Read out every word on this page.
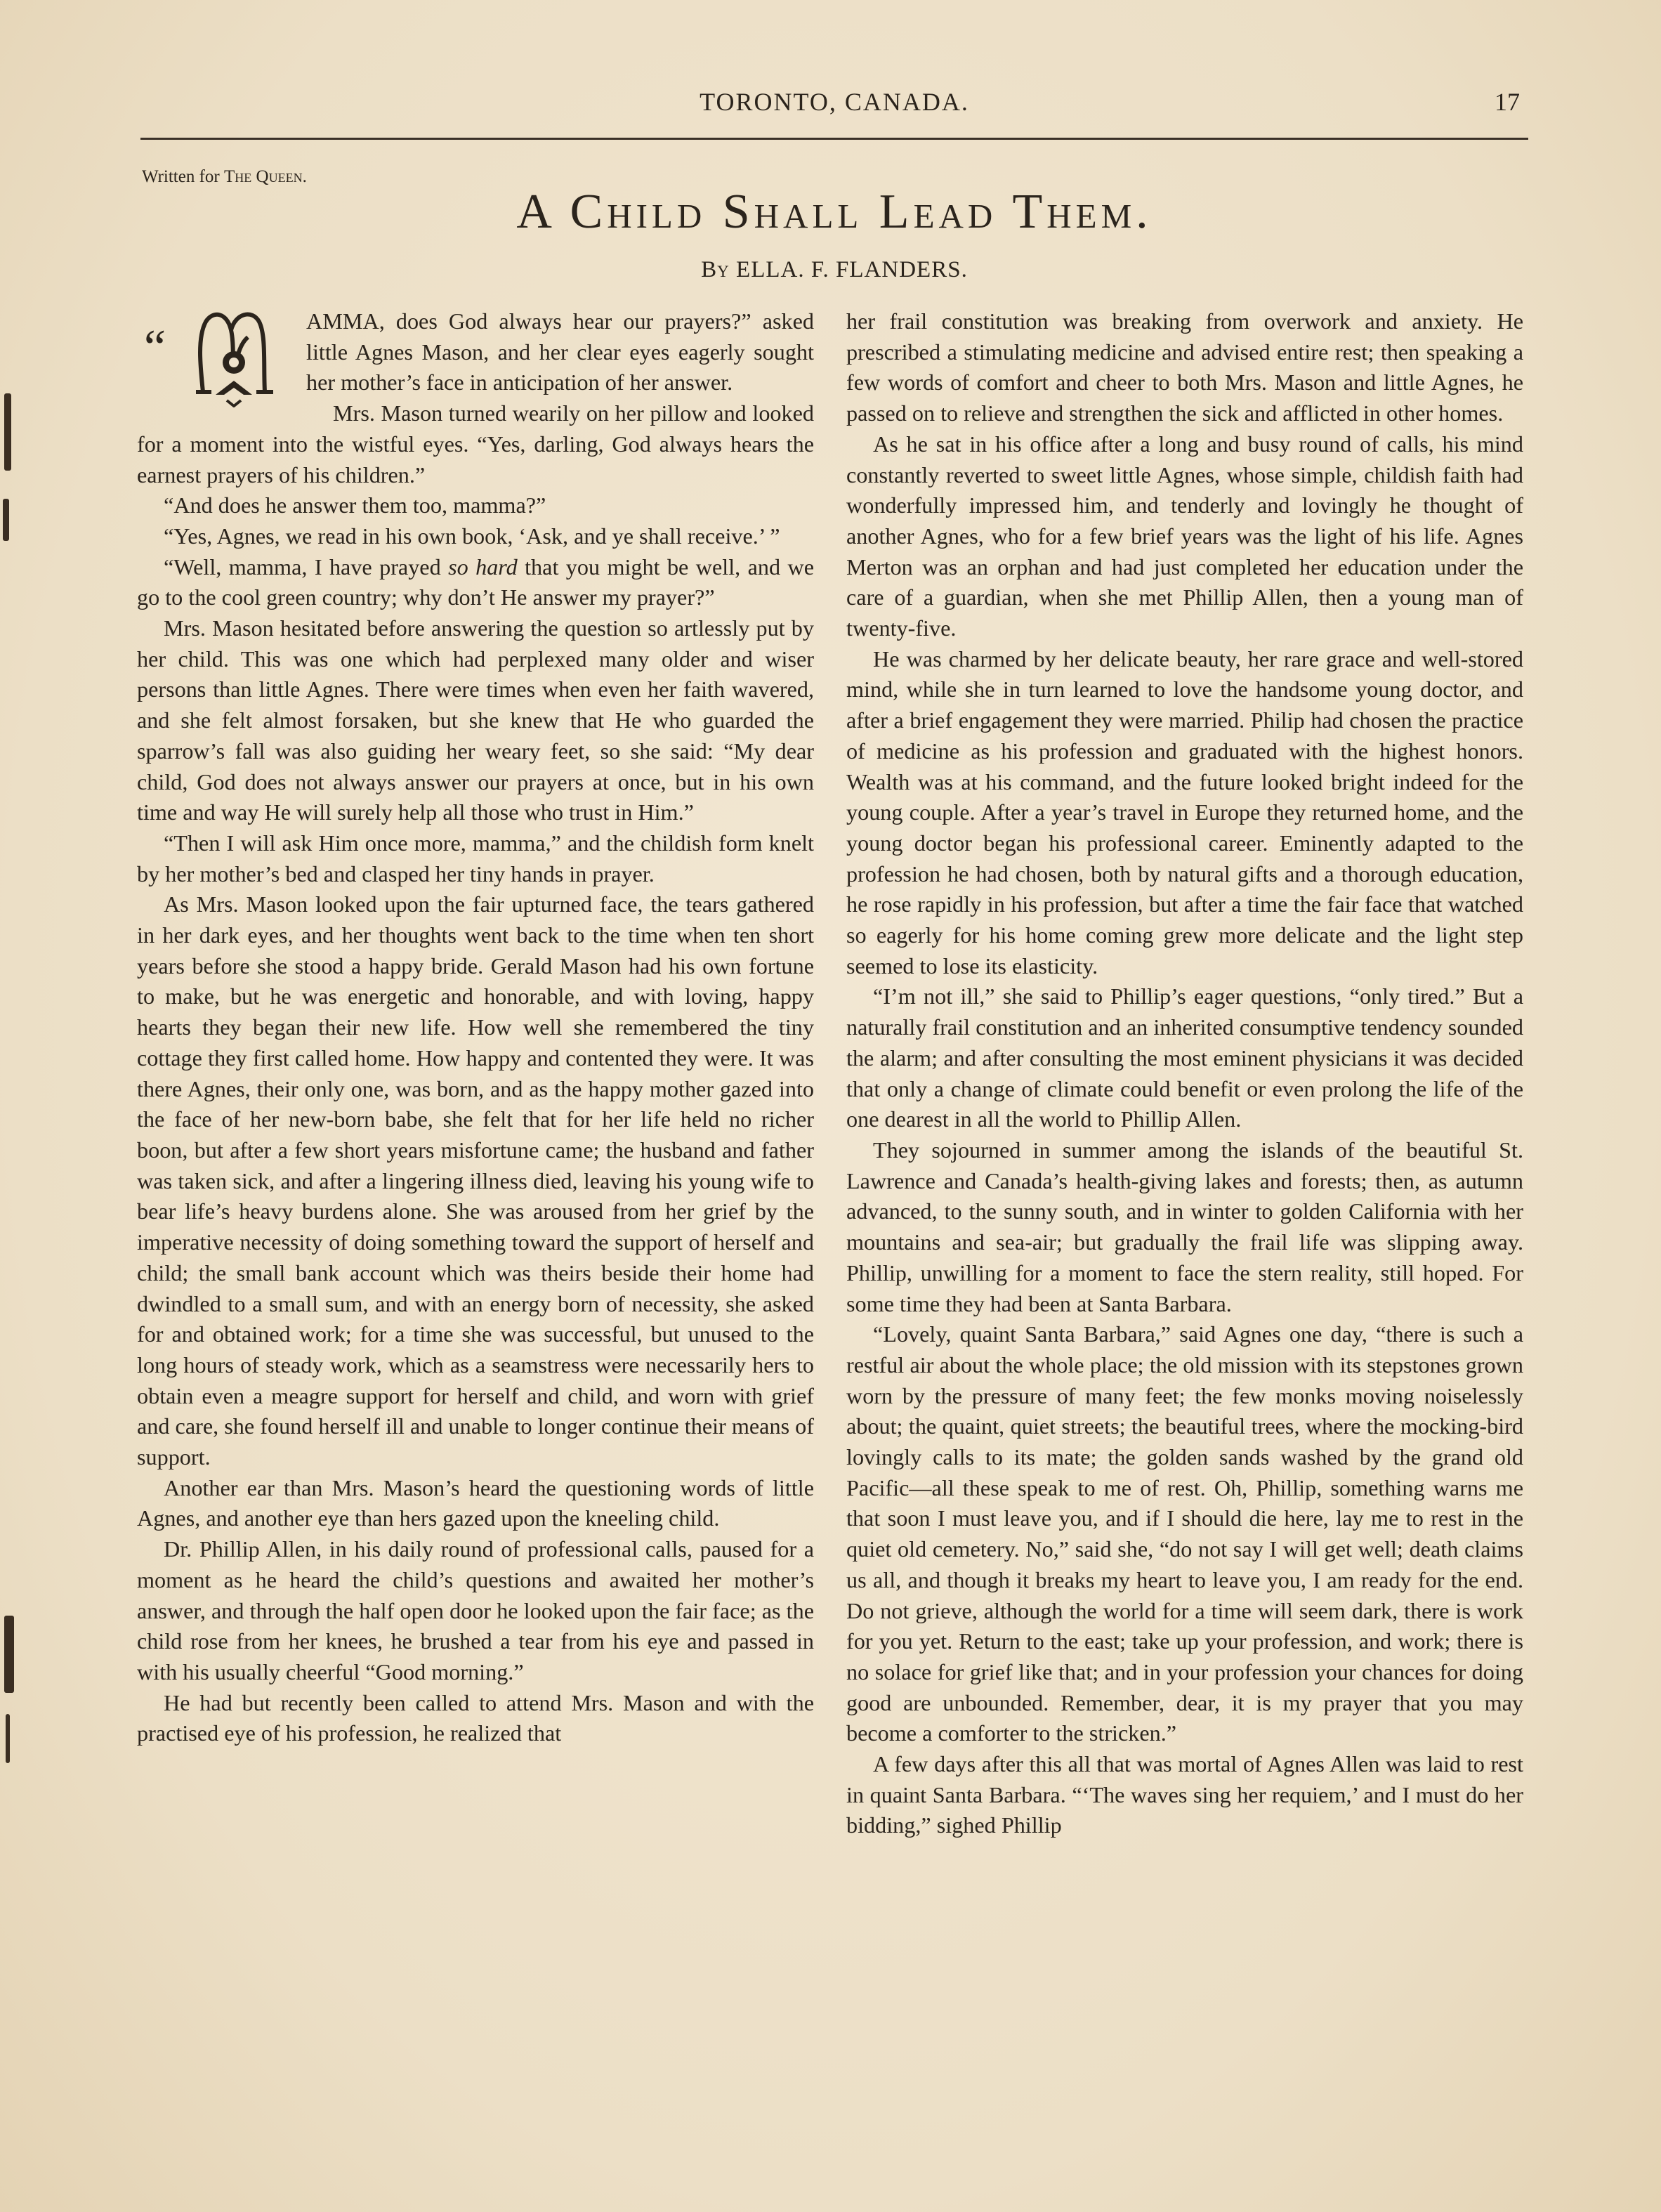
TORONTO, CANADA.	17
Written for The Queen.
A Child Shall Lead Them.
By ELLA. F. FLANDERS.

“	AMMA, does God always hear our prayers?” asked little Agnes Mason, and her clear eyes eagerly sought her mother’s face in anticipation of her answer.

Mrs. Mason turned wearily on her pillow and looked for a moment into the wistful eyes. “Yes, darling, God always hears the earnest prayers of his children.”

“And does he answer them too, mamma?”

“Yes, Agnes, we read in his own book, ‘Ask, and ye shall receive.’ ”

“Well, mamma, I have prayed so hard that you might be well, and we go to the cool green country; why don’t He answer my prayer?”

Mrs. Mason hesitated before answering the question so artlessly put by her child. This was one which had perplexed many older and wiser persons than little Agnes. There were times when even her faith wavered, and she felt almost forsaken, but she knew that He who guarded the sparrow’s fall was also guiding her weary feet, so she said: “My dear child, God does not always answer our prayers at once, but in his own time and way He will surely help all those who trust in Him.”

“Then I will ask Him once more, mamma,” and the childish form knelt by her mother’s bed and clasped her tiny hands in prayer.

As Mrs. Mason looked upon the fair upturned face, the tears gathered in her dark eyes, and her thoughts went back to the time when ten short years before she stood a happy bride. Gerald Mason had his own fortune to make, but he was energetic and honorable, and with loving, happy hearts they began their new life. How well she remembered the tiny cottage they first called home. How happy and contented they were. It was there Agnes, their only one, was born, and as the happy mother gazed into the face of her new-born babe, she felt that for her life held no richer boon, but after a few short years misfortune came; the husband and father was taken sick, and after a lingering illness died, leaving his young wife to bear life’s heavy burdens alone. She was aroused from her grief by the imperative necessity of doing something toward the support of herself and child; the small bank account which was theirs beside their home had dwindled to a small sum, and with an energy born of necessity, she asked for and obtained work; for a time she was successful, but unused to the long hours of steady work, which as a seamstress were necessarily hers to obtain even a meagre support for herself and child, and worn with grief and care, she found herself ill and unable to longer continue their means of support.

Another ear than Mrs. Mason’s heard the questioning words of little Agnes, and another eye than hers gazed upon the kneeling child.

Dr. Phillip Allen, in his daily round of professional calls, paused for a moment as he heard the child’s questions and awaited her mother’s answer, and through the half open door he looked upon the fair face; as the child rose from her knees, he brushed a tear from his eye and passed in with his usually cheerful “Good morning.”

He had but recently been called to attend Mrs. Mason and with the practised eye of his profession, he realized that

her frail constitution was breaking from overwork and anxiety. He prescribed a stimulating medicine and advised entire rest; then speaking a few words of comfort and cheer to both Mrs. Mason and little Agnes, he passed on to relieve and strengthen the sick and afflicted in other homes.

As he sat in his office after a long and busy round of calls, his mind constantly reverted to sweet little Agnes, whose simple, childish faith had wonderfully impressed him, and tenderly and lovingly he thought of another Agnes, who for a few brief years was the light of his life. Agnes Merton was an orphan and had just completed her education under the care of a guardian, when she met Phillip Allen, then a young man of twenty-five.

He was charmed by her delicate beauty, her rare grace and well-stored mind, while she in turn learned to love the handsome young doctor, and after a brief engagement they were married. Philip had chosen the practice of medicine as his profession and graduated with the highest honors. Wealth was at his command, and the future looked bright indeed for the young couple. After a year’s travel in Europe they returned home, and the young doctor began his professional career. Eminently adapted to the profession he had chosen, both by natural gifts and a thorough education, he rose rapidly in his profession, but after a time the fair face that watched so eagerly for his home coming grew more delicate and the light step seemed to lose its elasticity.

“I’m not ill,” she said to Phillip’s eager questions, “only tired.” But a naturally frail constitution and an inherited consumptive tendency sounded the alarm; and after consulting the most eminent physicians it was decided that only a change of climate could benefit or even prolong the life of the one dearest in all the world to Phillip Allen.

They sojourned in summer among the islands of the beautiful St. Lawrence and Canada’s health-giving lakes and forests; then, as autumn advanced, to the sunny south, and in winter to golden California with her mountains and sea-air; but gradually the frail life was slipping away. Phillip, unwilling for a moment to face the stern reality, still hoped. For some time they had been at Santa Barbara.

“Lovely, quaint Santa Barbara,” said Agnes one day, “there is such a restful air about the whole place; the old mission with its stepstones grown worn by the pressure of many feet; the few monks moving noiselessly about; the quaint, quiet streets; the beautiful trees, where the mocking-bird lovingly calls to its mate; the golden sands washed by the grand old Pacific—all these speak to me of rest. Oh, Phillip, something warns me that soon I must leave you, and if I should die here, lay me to rest in the quiet old cemetery. No,” said she, “do not say I will get well; death claims us all, and though it breaks my heart to leave you, I am ready for the end. Do not grieve, although the world for a time will seem dark, there is work for you yet. Return to the east; take up your profession, and work; there is no solace for grief like that; and in your profession your chances for doing good are unbounded. Remember, dear, it is my prayer that you may become a comforter to the stricken.”

A few days after this all that was mortal of Agnes Allen was laid to rest in quaint Santa Barbara. “‘The waves sing her requiem,’ and I must do her bidding,” sighed Phillip
